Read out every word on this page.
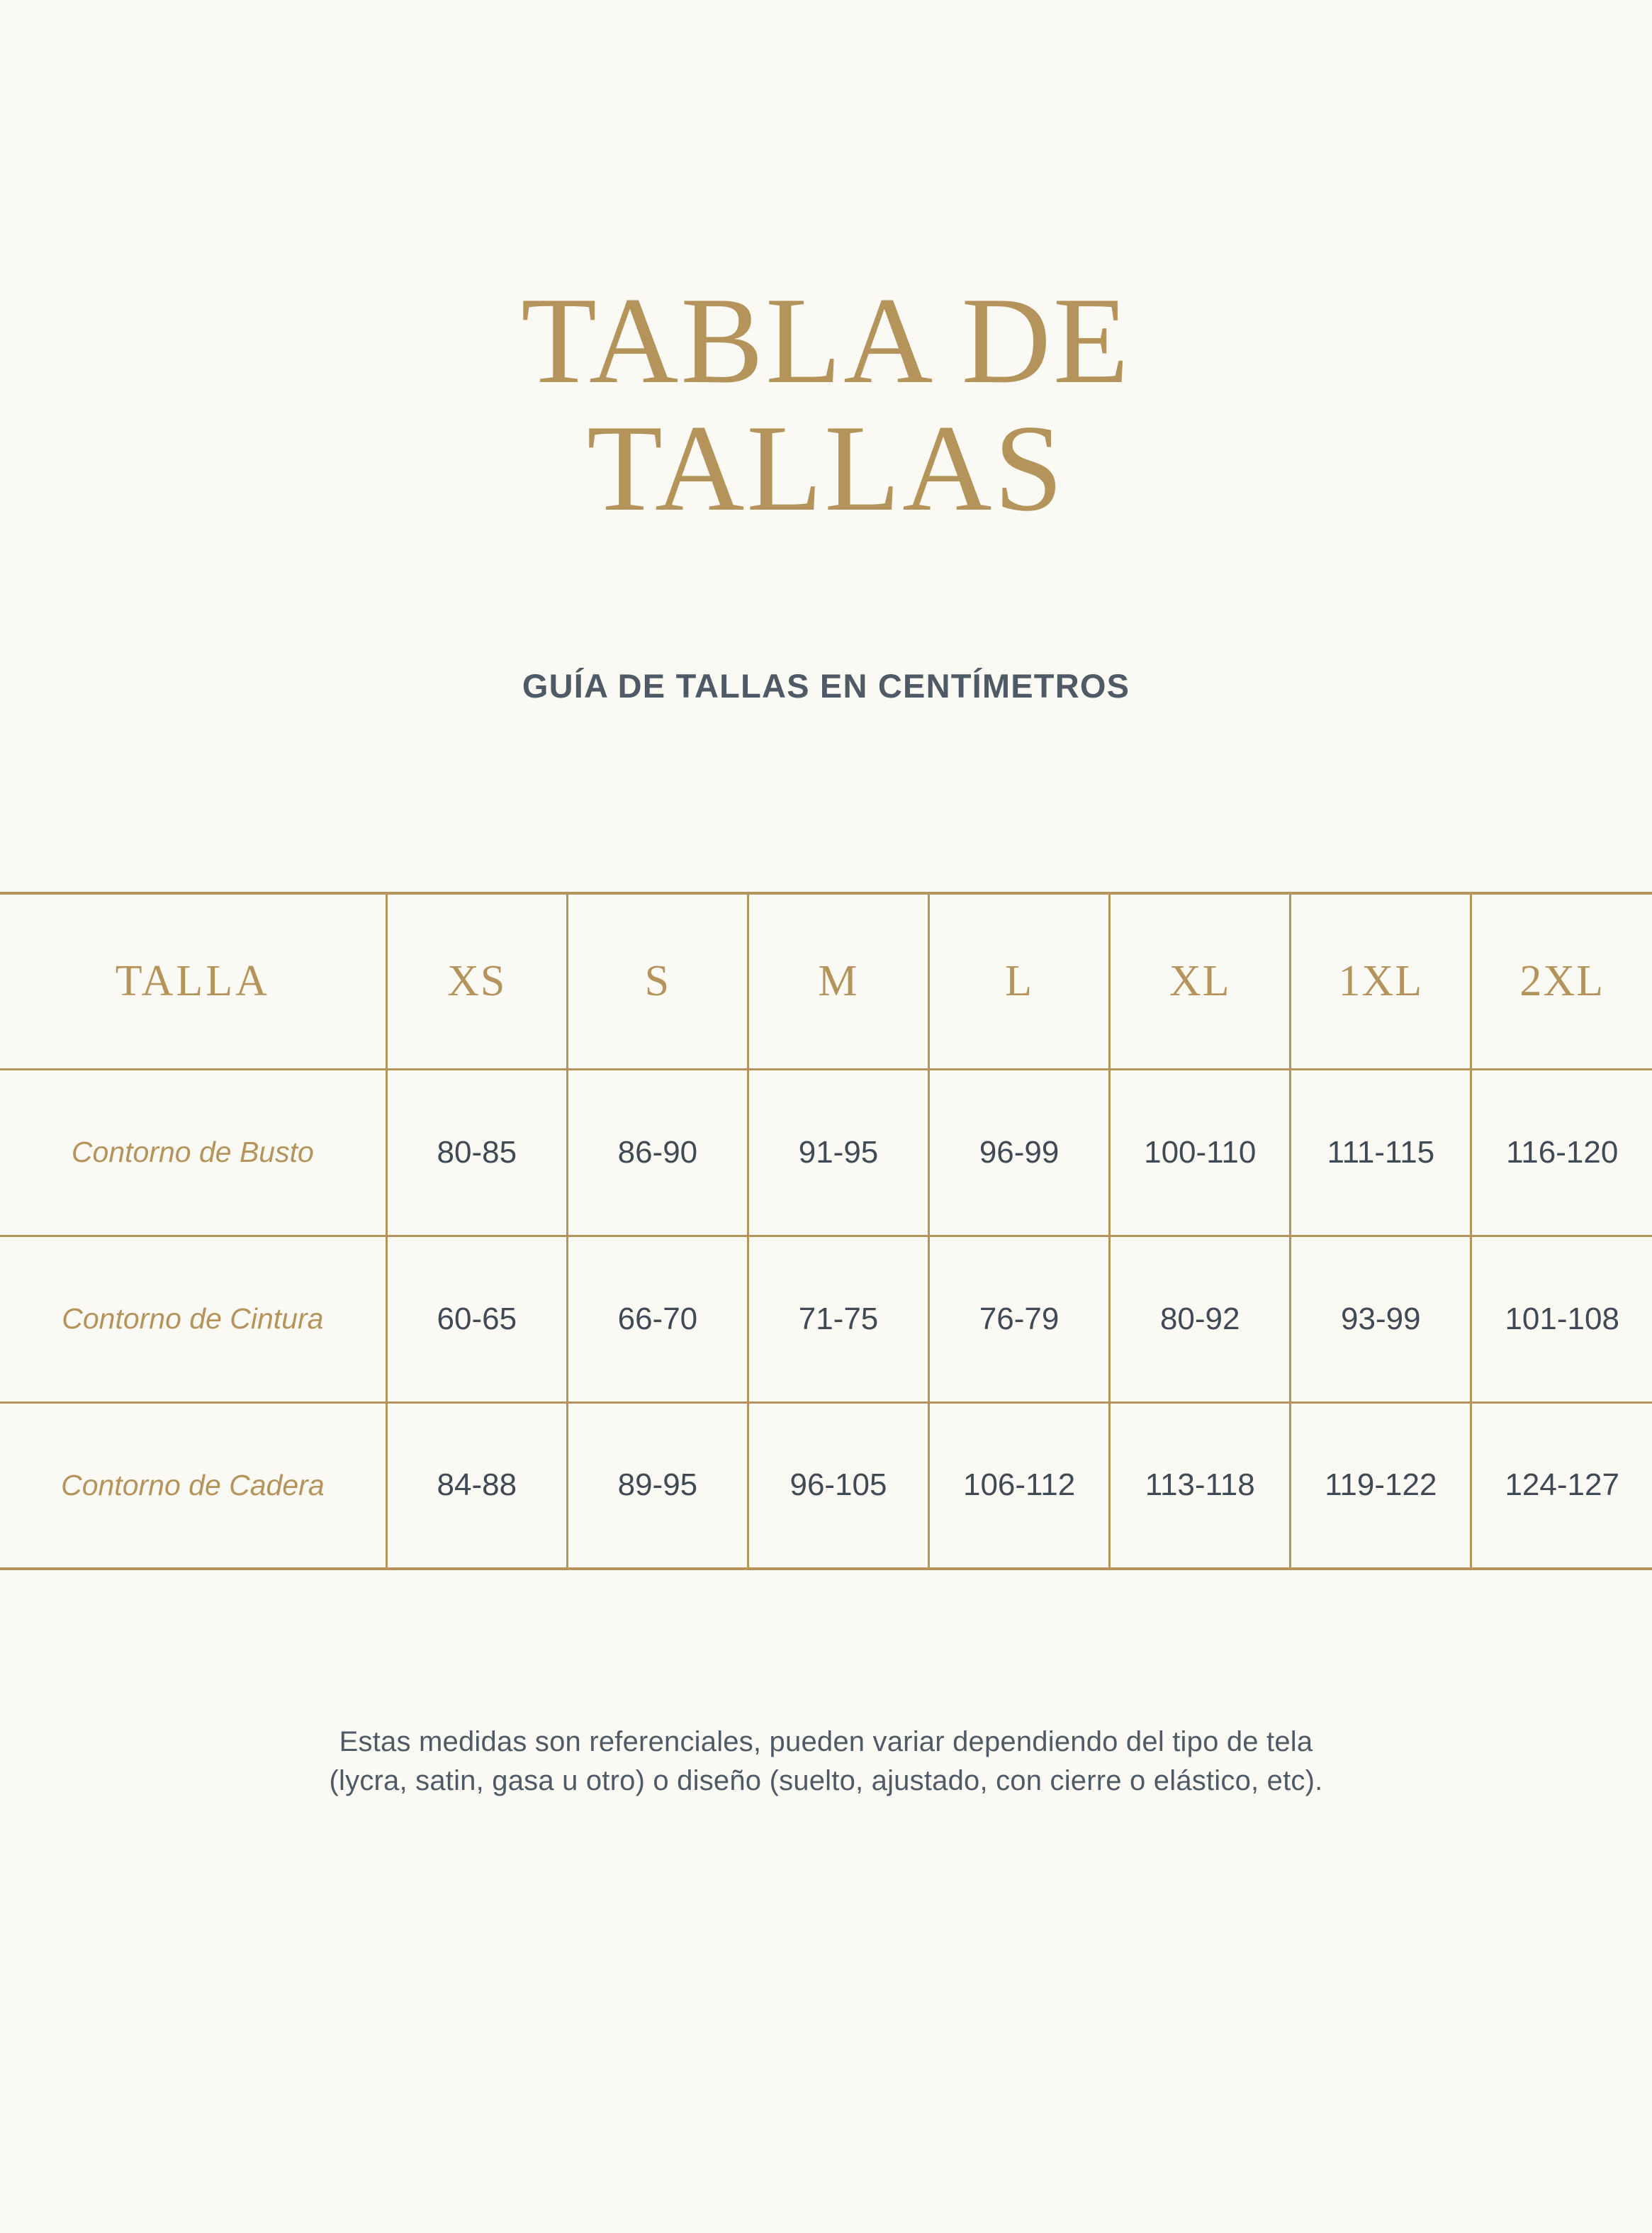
TABLA DE TALLAS
GUÍA DE TALLAS EN CENTÍMETROS
TALLA	XS	S	M	L	XL	1XL	2XL
Contorno de Busto	80-85	86-90	91-95	96-99	100-110	111-115	116-120
Contorno de Cintura	60-65	66-70	71-75	76-79	80-92	93-99	101-108
Contorno de Cadera	84-88	89-95	96-105	106-112	113-118	119-122	124-127
Estas medidas son referenciales, pueden variar dependiendo del tipo de tela
(lycra, satin, gasa u otro) o diseño (suelto, ajustado, con cierre o elástico, etc).
